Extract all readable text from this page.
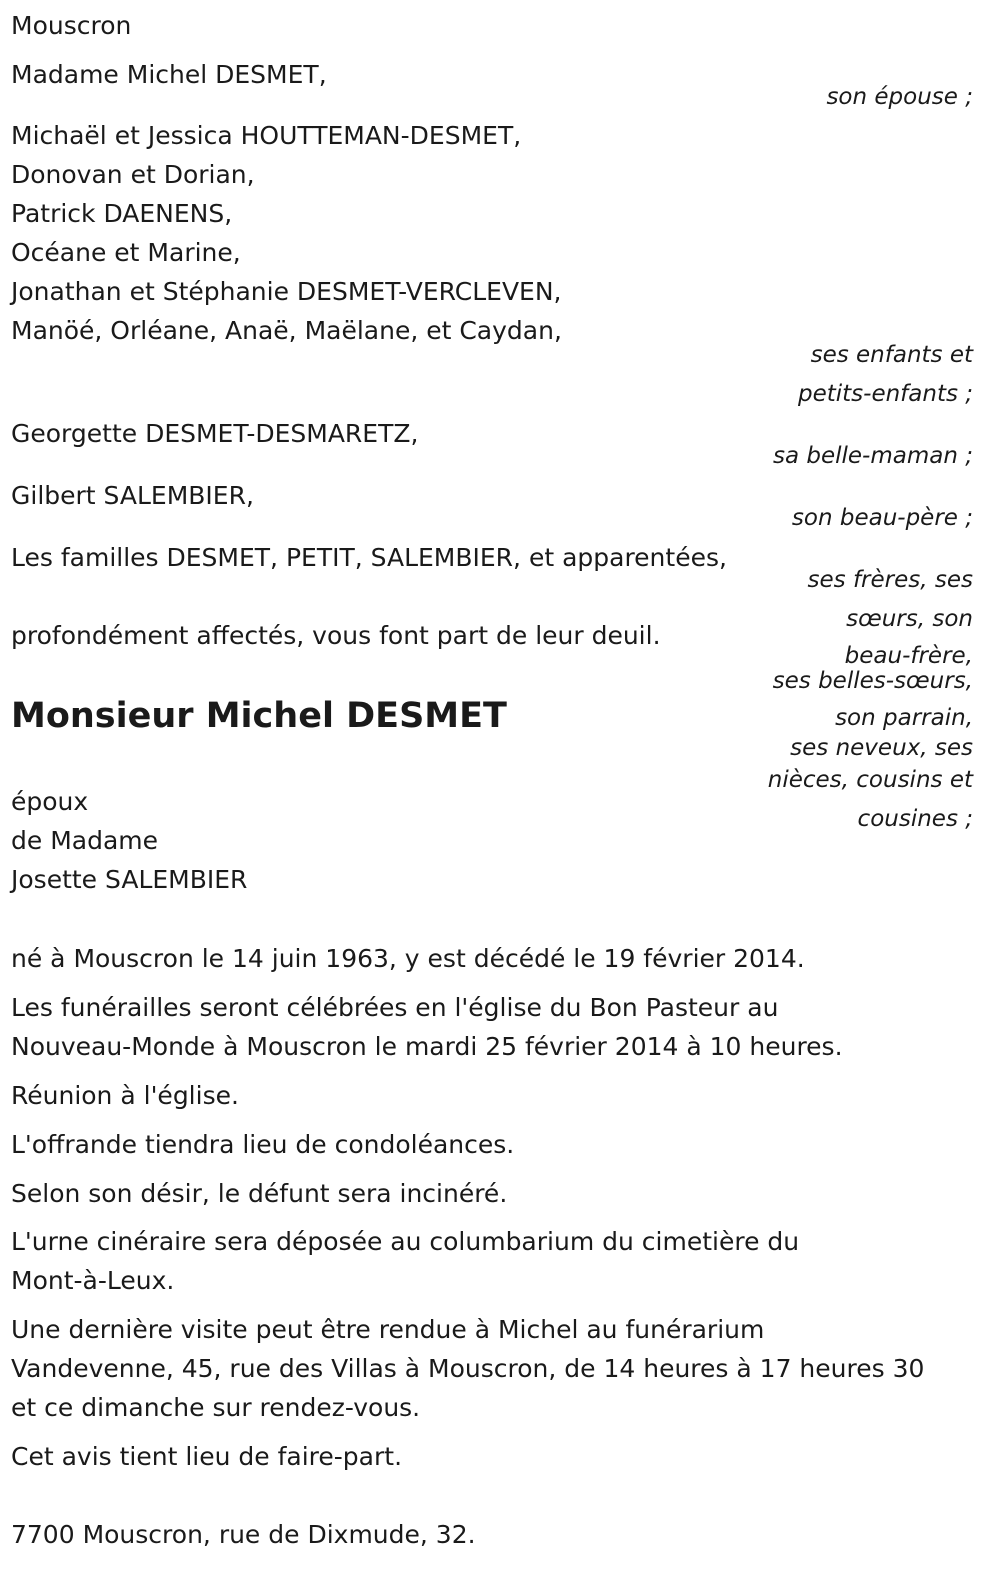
Mouscron
Madame Michel DESMET,
son épouse ;
Michaël et Jessica HOUTTEMAN-DESMET,
Donovan et Dorian,
Patrick DAENENS,
Océane et Marine,
Jonathan et Stéphanie DESMET-VERCLEVEN,
Manöé, Orléane, Anaë, Maëlane, et Caydan,
ses enfants et
petits-enfants ;
Georgette DESMET-DESMARETZ,
sa belle-maman ;
Gilbert SALEMBIER,
son beau-père ;
Les familles DESMET, PETIT, SALEMBIER, et apparentées,
ses frères, ses
sœurs, son
beau-frère,
ses belles-sœurs,
son parrain,
ses neveux, ses
nièces, cousins et
cousines ;
profondément affectés, vous font part de leur deuil.
Monsieur Michel DESMET
époux
de Madame
Josette SALEMBIER
né à Mouscron le 14 juin 1963, y est décédé le 19 février 2014.
Les funérailles seront célébrées en l'église du Bon Pasteur au
Nouveau-Monde à Mouscron le mardi 25 février 2014 à 10 heures.
Réunion à l'église.
L'offrande tiendra lieu de condoléances.
Selon son désir, le défunt sera incinéré.
L'urne cinéraire sera déposée au columbarium du cimetière du
Mont-à-Leux.
Une dernière visite peut être rendue à Michel au funérarium
Vandevenne, 45, rue des Villas à Mouscron, de 14 heures à 17 heures 30
et ce dimanche sur rendez-vous.
Cet avis tient lieu de faire-part.
7700 Mouscron, rue de Dixmude, 32.
